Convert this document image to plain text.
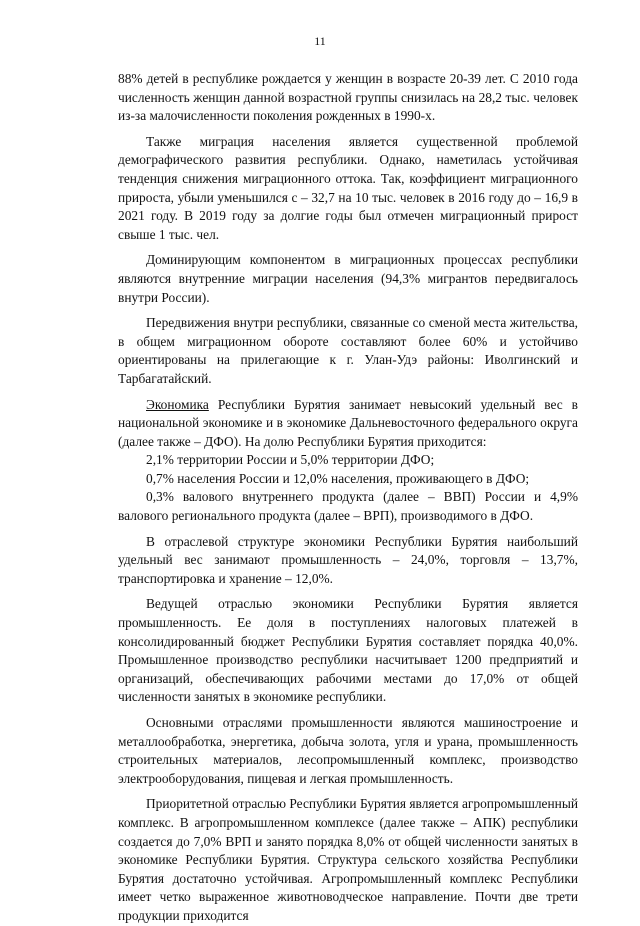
11

88% детей в республике рождается у женщин в возрасте 20-39 лет. С 2010 года численность женщин данной возрастной группы снизилась на 28,2 тыс. человек из-за малочисленности поколения рожденных в 1990-х.

Также миграция населения является существенной проблемой демографического развития республики. Однако, наметилась устойчивая тенденция снижения миграционного оттока. Так, коэффициент миграционного прироста, убыли уменьшился с – 32,7 на 10 тыс. человек в 2016 году до – 16,9 в 2021 году. В 2019 году за долгие годы был отмечен миграционный прирост свыше 1 тыс. чел.

Доминирующим компонентом в миграционных процессах республики являются внутренние миграции населения (94,3% мигрантов передвигалось внутри России).

Передвижения внутри республики, связанные со сменой места жительства, в общем миграционном обороте составляют более 60% и устойчиво ориентированы на прилегающие к г. Улан-Удэ районы: Иволгинский и Тарбагатайский.

Экономика Республики Бурятия занимает невысокий удельный вес в национальной экономике и в экономике Дальневосточного федерального округа (далее также – ДФО). На долю Республики Бурятия приходится:

2,1% территории России и 5,0% территории ДФО;

0,7% населения России и 12,0% населения, проживающего в ДФО;

0,3% валового внутреннего продукта (далее – ВВП) России и 4,9% валового регионального продукта (далее – ВРП), производимого в ДФО.

В отраслевой структуре экономики Республики Бурятия наибольший удельный вес занимают промышленность – 24,0%, торговля – 13,7%, транспортировка и хранение – 12,0%.

Ведущей отраслью экономики Республики Бурятия является промышленность. Ее доля в поступлениях налоговых платежей в консолидированный бюджет Республики Бурятия составляет порядка 40,0%. Промышленное производство республики насчитывает 1200 предприятий и организаций, обеспечивающих рабочими местами до 17,0% от общей численности занятых в экономике республики.

Основными отраслями промышленности являются машиностроение и металлообработка, энергетика, добыча золота, угля и урана, промышленность строительных материалов, лесопромышленный комплекс, производство электрооборудования, пищевая и легкая промышленность.

Приоритетной отраслью Республики Бурятия является агропромышленный комплекс. В агропромышленном комплексе (далее также – АПК) республики создается до 7,0% ВРП и занято порядка 8,0% от общей численности занятых в экономике Республики Бурятия. Структура сельского хозяйства Республики Бурятия достаточно устойчивая. Агропромышленный комплекс Республики имеет четко выраженное животноводческое направление. Почти две трети продукции приходится
